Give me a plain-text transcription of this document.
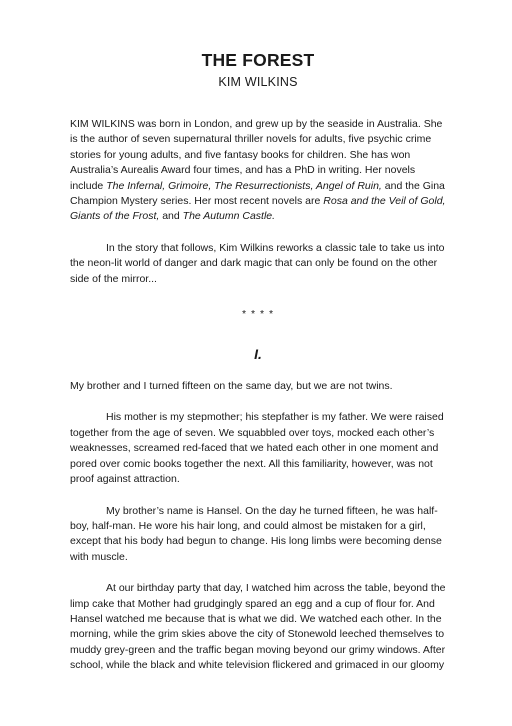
THE FOREST
KIM WILKINS

KIM WILKINS was born in London, and grew up by the seaside in Australia. She is the author of seven supernatural thriller novels for adults, five psychic crime stories for young adults, and five fantasy books for children. She has won Australia’s Aurealis Award four times, and has a PhD in writing. Her novels include The Infernal, Grimoire, The Resurrectionists, Angel of Ruin, and the Gina Champion Mystery series. Her most recent novels are Rosa and the Veil of Gold, Giants of the Frost, and The Autumn Castle.

In the story that follows, Kim Wilkins reworks a classic tale to take us into the neon-lit world of danger and dark magic that can only be found on the other side of the mirror...

* * * *
I.

My brother and I turned fifteen on the same day, but we are not twins.

His mother is my stepmother; his stepfather is my father. We were raised together from the age of seven. We squabbled over toys, mocked each other’s weaknesses, screamed red-faced that we hated each other in one moment and pored over comic books together the next. All this familiarity, however, was not proof against attraction.

My brother’s name is Hansel. On the day he turned fifteen, he was half-boy, half-man. He wore his hair long, and could almost be mistaken for a girl, except that his body had begun to change. His long limbs were becoming dense with muscle.

At our birthday party that day, I watched him across the table, beyond the limp cake that Mother had grudgingly spared an egg and a cup of flour for. And Hansel watched me because that is what we did. We watched each other. In the morning, while the grim skies above the city of Stonewold leeched themselves to muddy grey-green and the traffic began moving beyond our grimy windows. After school, while the black and white television flickered and grimaced in our gloomy
